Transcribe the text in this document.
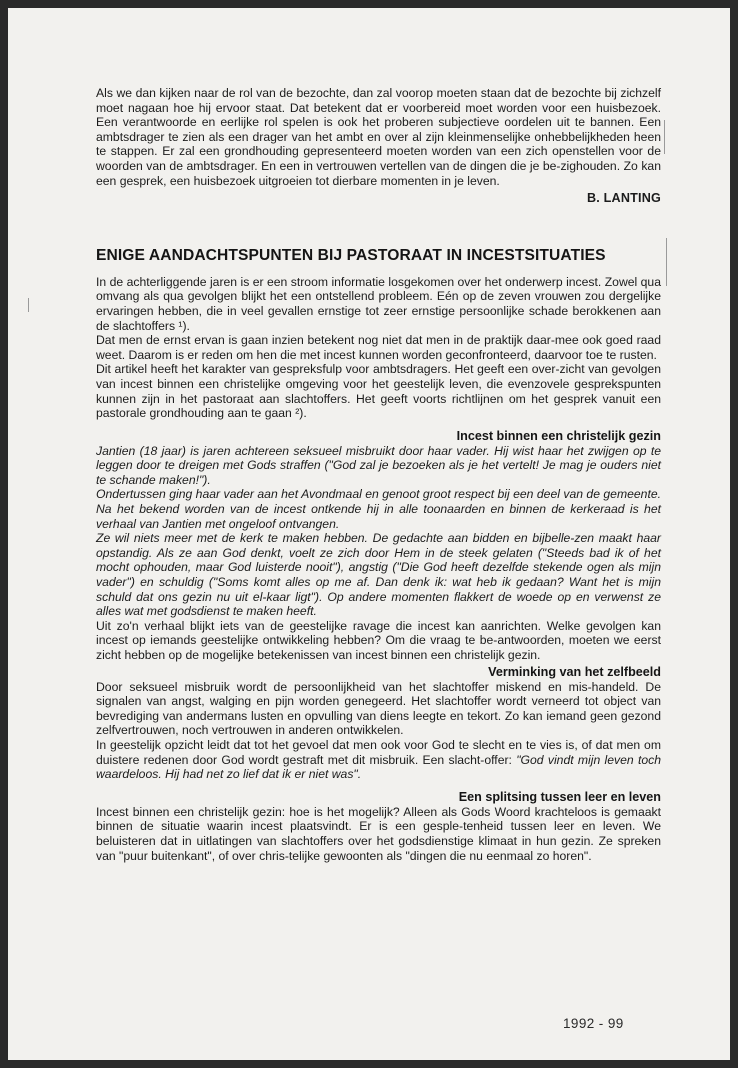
Als we dan kijken naar de rol van de bezochte, dan zal voorop moeten staan dat de bezochte bij zichzelf moet nagaan hoe hij ervoor staat. Dat betekent dat er voorbereid moet worden voor een huisbezoek. Een verantwoorde en eerlijke rol spelen is ook het proberen subjectieve oordelen uit te bannen. Een ambtsdrager te zien als een drager van het ambt en over al zijn kleinmenselijke onhebbelijkheden heen te stappen. Er zal een grondhouding gepresenteerd moeten worden van een zich openstellen voor de woorden van de ambtsdrager. En een in vertrouwen vertellen van de dingen die je be-zighouden. Zo kan een gesprek, een huisbezoek uitgroeien tot dierbare momenten in je leven.

B. LANTING
ENIGE AANDACHTSPUNTEN BIJ PASTORAAT IN INCESTSITUATIES

In de achterliggende jaren is er een stroom informatie losgekomen over het onderwerp incest. Zowel qua omvang als qua gevolgen blijkt het een ontstellend probleem. Eén op de zeven vrouwen zou dergelijke ervaringen hebben, die in veel gevallen ernstige tot zeer ernstige persoonlijke schade berokkenen aan de slachtoffers ¹).

Dat men de ernst ervan is gaan inzien betekent nog niet dat men in de praktijk daar-mee ook goed raad weet. Daarom is er reden om hen die met incest kunnen worden geconfronteerd, daarvoor toe te rusten.

Dit artikel heeft het karakter van gespreksfulp voor ambtsdragers. Het geeft een over-zicht van gevolgen van incest binnen een christelijke omgeving voor het geestelijk leven, die evenzovele gesprekspunten kunnen zijn in het pastoraat aan slachtoffers. Het geeft voorts richtlijnen om het gesprek vanuit een pastorale grondhouding aan te gaan ²).

Incest binnen een christelijk gezin

Jantien (18 jaar) is jaren achtereen seksueel misbruikt door haar vader. Hij wist haar het zwijgen op te leggen door te dreigen met Gods straffen ("God zal je bezoeken als je het vertelt! Je mag je ouders niet te schande maken!").

Ondertussen ging haar vader aan het Avondmaal en genoot groot respect bij een deel van de gemeente. Na het bekend worden van de incest ontkende hij in alle toonaarden en binnen de kerkeraad is het verhaal van Jantien met ongeloof ontvangen.

Ze wil niets meer met de kerk te maken hebben. De gedachte aan bidden en bijbelle-zen maakt haar opstandig. Als ze aan God denkt, voelt ze zich door Hem in de steek gelaten ("Steeds bad ik of het mocht ophouden, maar God luisterde nooit"), angstig ("Die God heeft dezelfde stekende ogen als mijn vader") en schuldig ("Soms komt alles op me af. Dan denk ik: wat heb ik gedaan? Want het is mijn schuld dat ons gezin nu uit el-kaar ligt"). Op andere momenten flakkert de woede op en verwenst ze alles wat met godsdienst te maken heeft.

Uit zo'n verhaal blijkt iets van de geestelijke ravage die incest kan aanrichten. Welke gevolgen kan incest op iemands geestelijke ontwikkeling hebben? Om die vraag te be-antwoorden, moeten we eerst zicht hebben op de mogelijke betekenissen van incest binnen een christelijk gezin.

Verminking van het zelfbeeld

Door seksueel misbruik wordt de persoonlijkheid van het slachtoffer miskend en mis-handeld. De signalen van angst, walging en pijn worden genegeerd. Het slachtoffer wordt verneerd tot object van bevrediging van andermans lusten en opvulling van diens leegte en tekort. Zo kan iemand geen gezond zelfvertrouwen, noch vertrouwen in anderen ontwikkelen.

In geestelijk opzicht leidt dat tot het gevoel dat men ook voor God te slecht en te vies is, of dat men om duistere redenen door God wordt gestraft met dit misbruik. Een slacht-offer: "God vindt mijn leven toch waardeloos. Hij had net zo lief dat ik er niet was".

Een splitsing tussen leer en leven

Incest binnen een christelijk gezin: hoe is het mogelijk? Alleen als Gods Woord krachteloos is gemaakt binnen de situatie waarin incest plaatsvindt. Er is een gesple-tenheid tussen leer en leven. We beluisteren dat in uitlatingen van slachtoffers over het godsdienstige klimaat in hun gezin. Ze spreken van "puur buitenkant", of over chris-telijke gewoonten als "dingen die nu eenmaal zo horen".

1992 - 99
